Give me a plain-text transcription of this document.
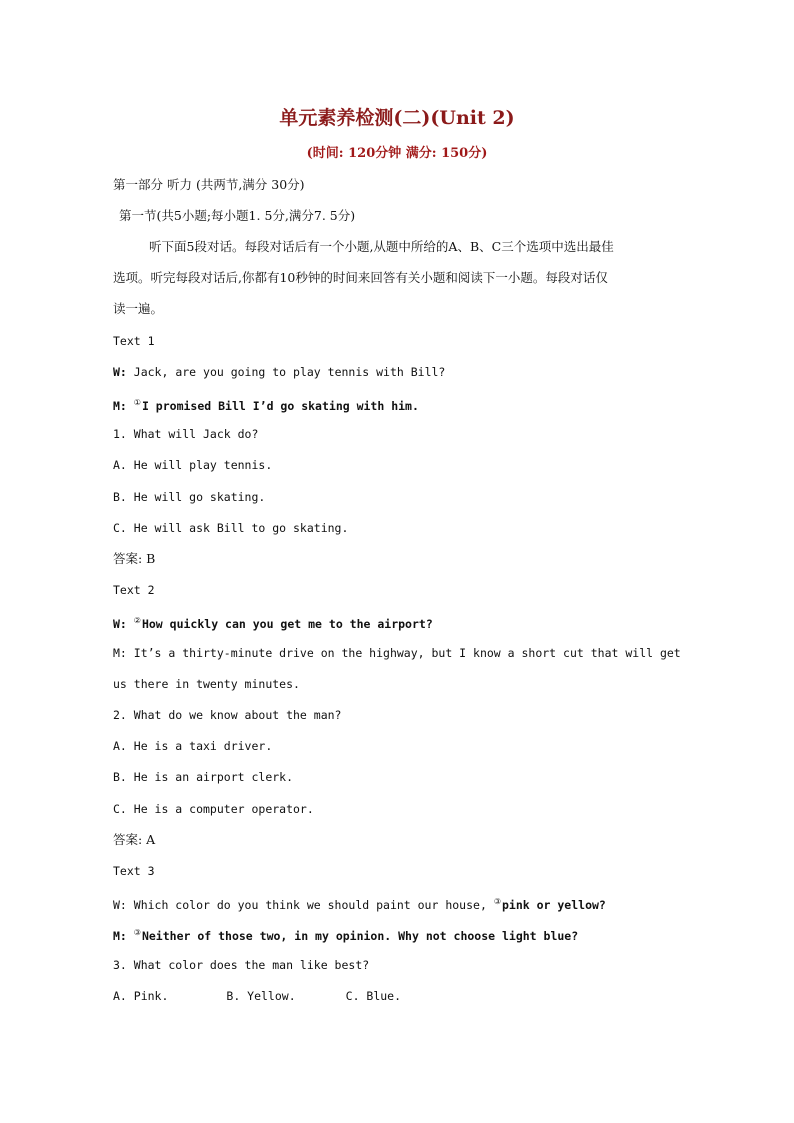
单元素养检测(二)(Unit 2)
(时间: 120分钟 满分: 150分)
第一部分 听力 (共两节,满分 30分)
第一节(共5小题;每小题1. 5分,满分7. 5分)
听下面5段对话。每段对话后有一个小题,从题中所给的A、B、C三个选项中选出最佳
选项。听完每段对话后,你都有10秒钟的时间来回答有关小题和阅读下一小题。每段对话仅
读一遍。
Text 1
W: Jack, are you going to play tennis with Bill?
M: ①I promised Bill I’d go skating with him.
1. What will Jack do?
A. He will play tennis.
B. He will go skating.
C. He will ask Bill to go skating.
答案: B
Text 2
W: ②How quickly can you get me to the airport?
M: It’s a thirty-minute drive on the highway, but I know a short cut that will get
us there in twenty minutes.
2. What do we know about the man?
A. He is a taxi driver.
B. He is an airport clerk.
C. He is a computer operator.
答案: A
Text 3
W: Which color do you think we should paint our house, ③pink or yellow?
M: ③Neither of those two, in my opinion. Why not choose light blue?
3. What color does the man like best?
A. Pink.	B. Yellow.	C. Blue.
